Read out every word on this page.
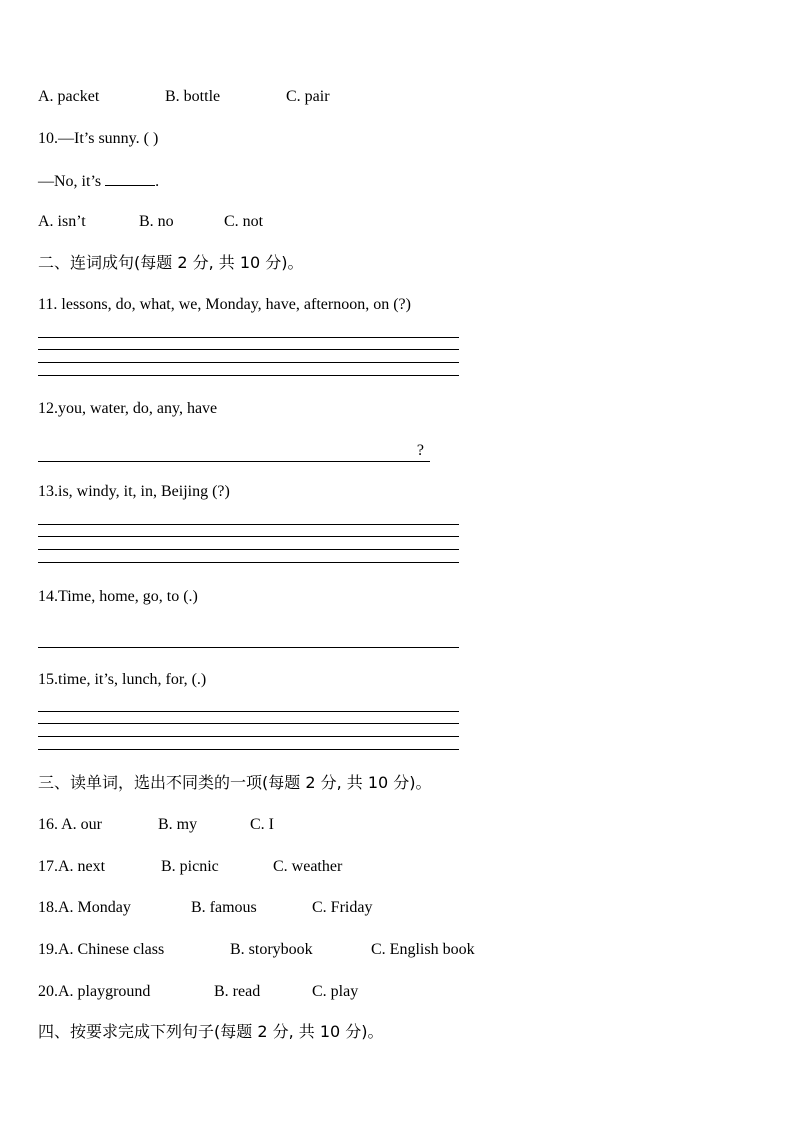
A. packet	B. bottle	C. pair
10.—It’s sunny. ( )
—No, it’s	.
A. isn’t	B. no	C. not
二、连词成句(每题 2 分, 共 10 分)。
11. lessons, do, what, we, Monday, have, afternoon, on (?)
12.you, water, do, any, have
?
13.is, windy, it, in, Beijing (?)
14.Time, home, go, to (.)
15.time, it’s, lunch, for, (.)
三、读单词，选出不同类的一项(每题 2 分, 共 10 分)。
16. A. our	B. my	C. I
17.A. next	B. picnic	C. weather
18.A. Monday	B. famous	C. Friday
19.A. Chinese class	B. storybook	C. English book
20.A. playground	B. read	C. play
四、按要求完成下列句子(每题 2 分, 共 10 分)。
